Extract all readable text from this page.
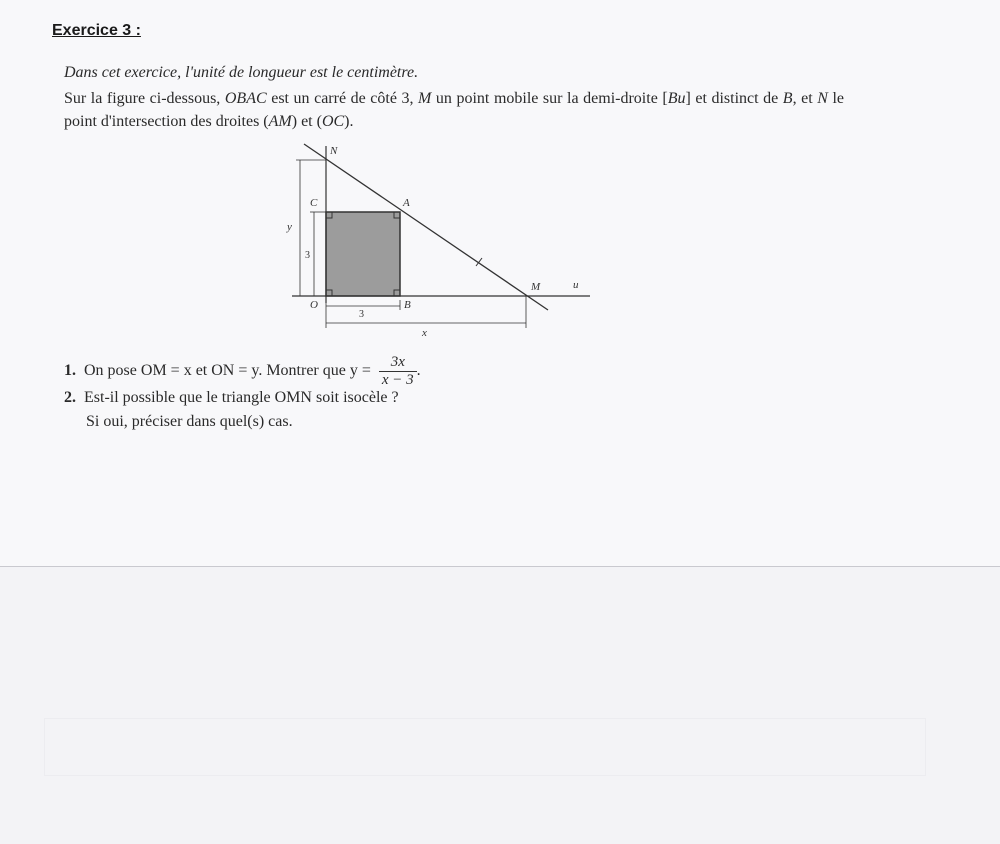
Exercice 3 :
Dans cet exercice, l'unité de longueur est le centimètre.
Sur la figure ci-dessous, OBAC est un carré de côté 3, M un point mobile sur la demi-droite [Bu] et distinct de B, et N le point d'intersection des droites (AM) et (OC).
N
C	A
O	B
M	u
y
3
3
x
1. On pose OM = x et ON = y. Montrer que $y = \frac{3x}{x - 3}$ .
2. Est-il possible que le triangle OMN soit isocèle ?
Si oui, préciser dans quel(s) cas.
